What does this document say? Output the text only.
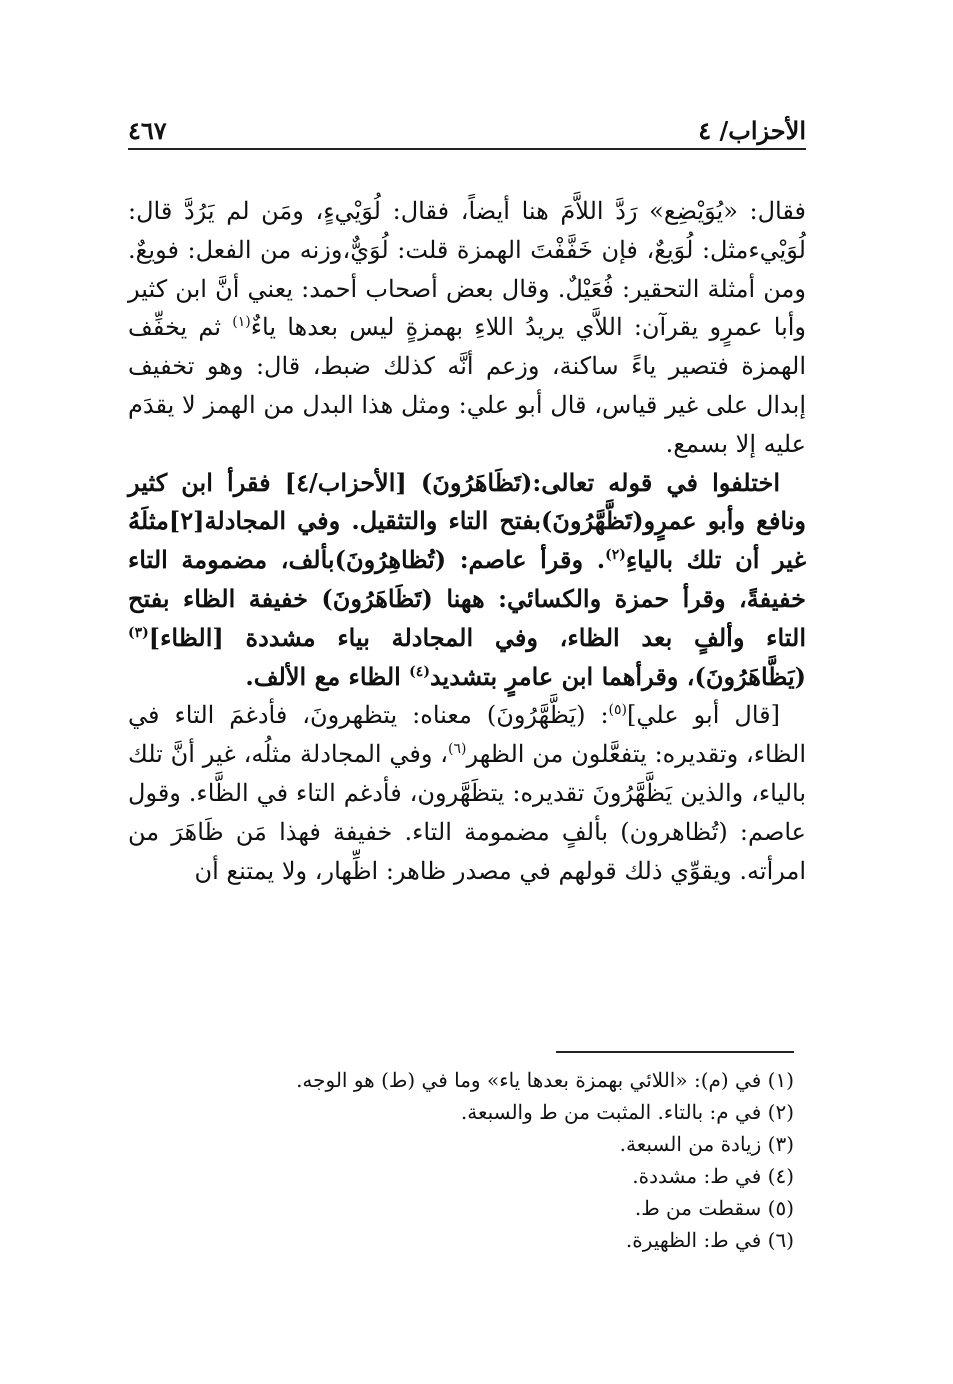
الأحزاب/ ٤
٤٦٧

فقال: «يُوَيْضِع» رَدَّ اللاَّمَ هنا أيضاً، فقال: لُوَيْيءٍ، ومَن لم يَرُدَّ قال: لُوَيْيءمثل: لُوَيعٌ، فإن خَفَّفْتَ الهمزة قلت: لُوَيٌّ،وزنه من الفعل: فويعٌ. ومن أمثلة التحقير: فُعَيْلٌ. وقال بعض أصحاب أحمد: يعني أنَّ ابن كثير وأبا عمرٍو يقرآن: اللاَّي يريدُ اللاءِ بهمزةٍ ليس بعدها ياءٌ$^{(١)}$ ثم يخفِّف الهمزة فتصير ياءً ساكنة، وزعم أنَّه كذلك ضبط، قال: وهو تخفيف إبدال على غير قياس، قال أبو علي: ومثل هذا البدل من الهمز لا يقدَم عليه إلا بسمع.

اختلفوا في قوله تعالى:(تَظَاهَرُونَ) [الأحزاب/٤] فقرأ ابن كثير ونافع وأبو عمرٍو(تَظَّهَّرُونَ)بفتح التاء والتثقيل. وفي المجادلة[٢]مثلَهُ غير أن تلك بالياءِ$^{(٢)}$. وقرأ عاصم: (تُظاهِرُونَ)بألف، مضمومة التاء خفيفةً، وقرأ حمزة والكسائي: ههنا (تَظَاهَرُونَ) خفيفة الظاء بفتح التاء وألفٍ بعد الظاء، وفي المجادلة بياء مشددة [الظاء]$^{(٣)}$ (يَظَّاهَرُونَ)، وقرأهما ابن عامرٍ بتشديد$^{(٤)}$ الظاء مع الألف.

[قال أبو علي]$^{(٥)}$: (يَظَّهَّرُونَ) معناه: يتظهرونَ، فأدغمَ التاء في الظاء، وتقديره: يتفعَّلون من الظهر$^{(٦)}$، وفي المجادلة مثلُه، غير أنَّ تلك بالياء، والذين يَظَّهَّرُونَ تقديره: يتظَهَّرون، فأدغم التاء في الظَّاء. وقول عاصم: (تُظاهرون) بألفٍ مضمومة التاء. خفيفة فهذا مَن ظَاهَرَ من امرأته. ويقوِّي ذلك قولهم في مصدر ظاهر: اظِّهار، ولا يمتنع أن

(١) في (م): «اللائي بهمزة بعدها ياء» وما في (ط) هو الوجه.

(٢) في م: بالتاء. المثبت من ط والسبعة.

(٣) زيادة من السبعة.

(٤) في ط: مشددة.

(٥) سقطت من ط.

(٦) في ط: الظهيرة.
